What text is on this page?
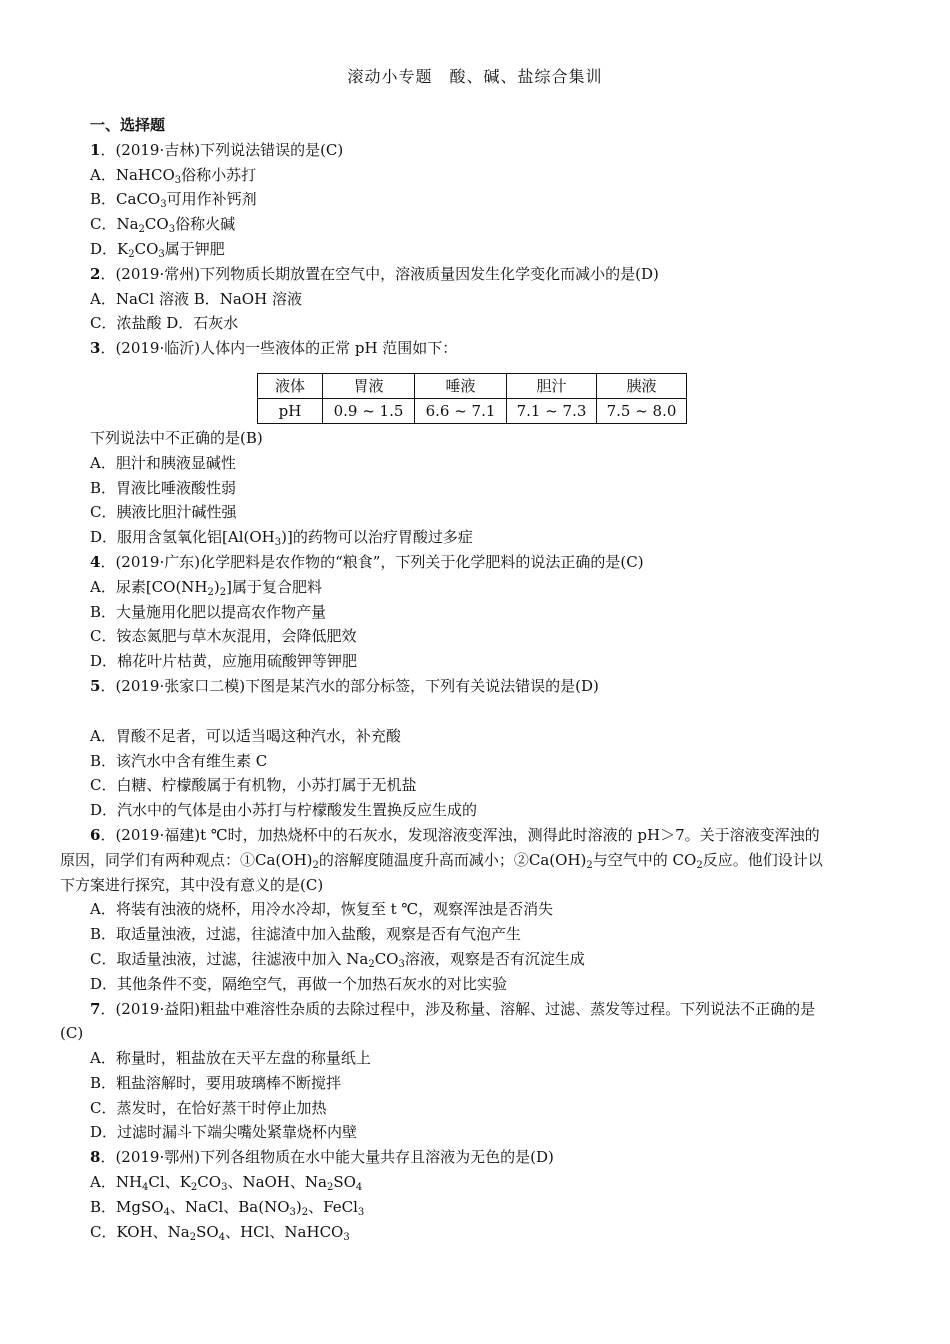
滚动小专题　酸、碱、盐综合集训
一、选择题
1．(2019·吉林)下列说法错误的是(C)
A．NaHCO$_3$俗称小苏打
B．CaCO$_3$可用作补钙剂
C．$Na_2CO_3$俗称火碱
D．$K_2CO_3$属于钾肥
2．(2019·常州)下列物质长期放置在空气中，溶液质量因发生化学变化而减小的是(D)
A．NaCl 溶液 B．NaOH 溶液
C．浓盐酸 D．石灰水
3．(2019·临沂)人体内一些液体的正常 pH 范围如下：
液体	胃液	唾液	胆汁	胰液
pH	0.9 ~ 1.5	6.6 ~ 7.1	7.1 ~ 7.3	7.5 ~ 8.0
下列说法中不正确的是(B)
A．胆汁和胰液显碱性
B．胃液比唾液酸性弱
C．胰液比胆汁碱性强
D．服用含氢氧化铝$[Al(OH_3)]$的药物可以治疗胃酸过多症
4．(2019·广东)化学肥料是农作物的“粮食”，下列关于化学肥料的说法正确的是(C)
A．尿素$[CO(NH_2)_2]$属于复合肥料
B．大量施用化肥以提高农作物产量
C．铵态氮肥与草木灰混用，会降低肥效
D．棉花叶片枯黄，应施用硫酸钾等钾肥
5．(2019·张家口二模)下图是某汽水的部分标签，下列有关说法错误的是(D)
A．胃酸不足者，可以适当喝这种汽水，补充酸
B．该汽水中含有维生素 C
C．白糖、柠檬酸属于有机物，小苏打属于无机盐
D．汽水中的气体是由小苏打与柠檬酸发生置换反应生成的
6．(2019·福建)t ℃时，加热烧杯中的石灰水，发现溶液变浑浊，测得此时溶液的 pH＞7。关于溶液变浑浊的
原因，同学们有两种观点：$①Ca(OH)_2$的溶解度随温度升高而减小；$②Ca(OH)_2$与空气中的 $CO_2$反应。他们设计以
下方案进行探究，其中没有意义的是(C)
A．将装有浊液的烧杯，用冷水冷却，恢复至 t ℃，观察浑浊是否消失
B．取适量浊液，过滤，往滤渣中加入盐酸，观察是否有气泡产生
C．取适量浊液，过滤，往滤液中加入 $Na_2CO_3$溶液，观察是否有沉淀生成
D．其他条件不变，隔绝空气，再做一个加热石灰水的对比实验
7．(2019·益阳)粗盐中难溶性杂质的去除过程中，涉及称量、溶解、过滤、蒸发等过程。下列说法不正确的是
(C)
A．称量时，粗盐放在天平左盘的称量纸上
B．粗盐溶解时，要用玻璃棒不断搅拌
C．蒸发时，在恰好蒸干时停止加热
D．过滤时漏斗下端尖嘴处紧靠烧杯内壁
8．(2019·鄂州)下列各组物质在水中能大量共存且溶液为无色的是(D)
A．$NH_4Cl$、$K_2CO_3$、NaOH、$Na_2SO_4$
B．MgSO$_4$、NaCl、$Ba(NO_3)_2$、FeCl$_3$
C．KOH、$Na_2SO_4$、HCl、NaHCO$_3$
